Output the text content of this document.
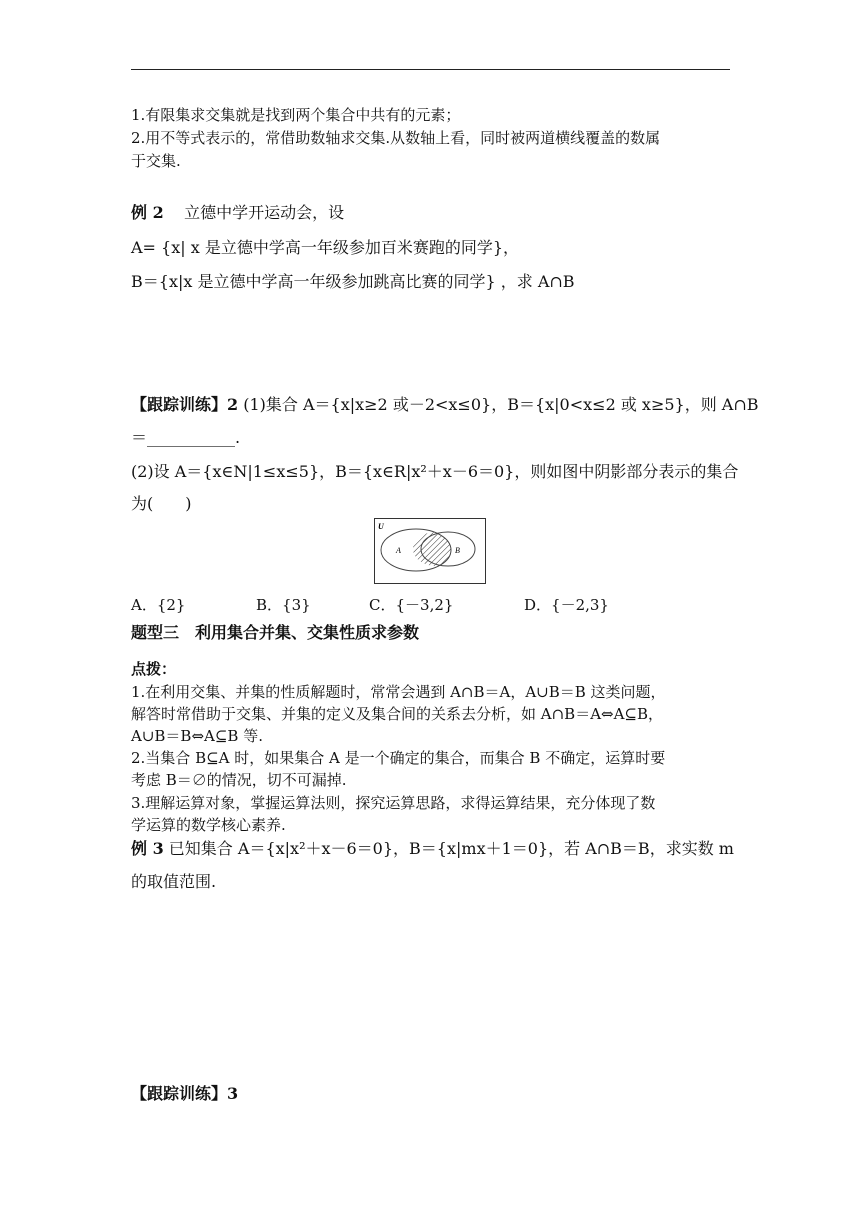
1.有限集求交集就是找到两个集合中共有的元素；
2.用不等式表示的，常借助数轴求交集.从数轴上看，同时被两道横线覆盖的数属
于交集.
例 2 立德中学开运动会，设
A= {x| x 是立德中学高一年级参加百米赛跑的同学}，
B＝{x|x 是立德中学高一年级参加跳高比赛的同学} ，求 A∩B
【跟踪训练】2 (1)集合 A＝{x|x≥2 或－2<x≤0}，B＝{x|0<x≤2 或 x≥5}，则 A∩B
＝___________.
(2)设 A＝{x∈N|1≤x≤5}，B＝{x∈R|x²＋x－6＝0}，则如图中阴影部分表示的集合
为(　　)
U
A	B
A．{2}	B．{3}	C．{－3,2}	D．{－2,3}
题型三　利用集合并集、交集性质求参数
点拨：
1.在利用交集、并集的性质解题时，常常会遇到 A∩B＝A，A∪B＝B 这类问题，
解答时常借助于交集、并集的定义及集合间的关系去分析，如 A∩B＝A⇔A⊆B，
A∪B＝B⇔A⊆B 等.
2.当集合 B⊆A 时，如果集合 A 是一个确定的集合，而集合 B 不确定，运算时要
考虑 B＝∅的情况，切不可漏掉.
3.理解运算对象，掌握运算法则，探究运算思路，求得运算结果，充分体现了数
学运算的数学核心素养.
例 3 已知集合 A＝{x|x²＋x－6＝0}，B＝{x|mx＋1＝0}，若 A∩B＝B，求实数 m
的取值范围.
【跟踪训练】3
